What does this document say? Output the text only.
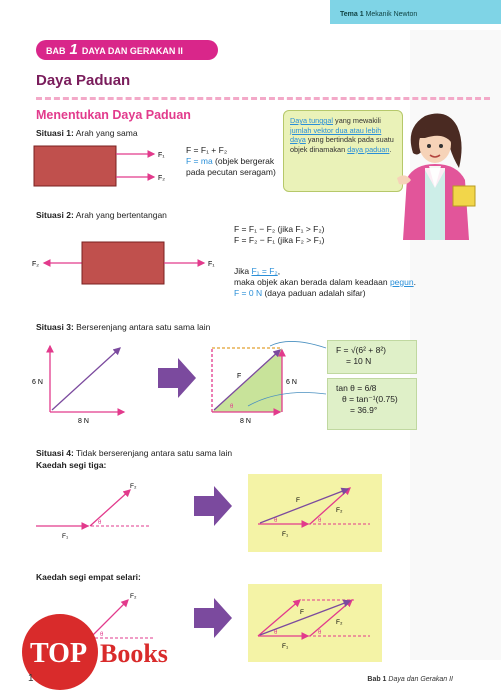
Tema 1 Mekanik Newton
BAB 1 DAYA DAN GERAKAN II
Daya Paduan
Menentukan Daya Paduan	Daya tunggal yang mewakili jumlah vektor dua atau lebih daya yang bertindak pada suatu objek dinamakan daya paduan.
Situasi 1: Arah yang sama
F₁
F₂
F = F₁ + F₂
F = ma (objek bergerak pada pecutan seragam)
Situasi 2: Arah yang bertentangan
F₂	F₁
F = F₁ − F₂ (jika F₁ > F₂)
F = F₂ − F₁ (jika F₂ > F₁)
Jika F₁ = F₂,
maka objek akan berada dalam keadaan pegun.
F = 0 N (daya paduan adalah sifar)
Situasi 3: Berserenjang antara satu sama lain
6 N
8 N
F
θ
6 N
8 N
F = √(6² + 8²)
= 10 N
tan θ = 6/8
θ = tan⁻¹(0.75)
= 36.9°
Situasi 4: Tidak berserenjang antara satu sama lain
Kaedah segi tiga:
F₁
F₂
θ
F
F₂
F₁
θ	θ
Kaedah segi empat selari:
F₂
θ
F
F₂
F₁
θ	θ
TOP Books
1	Bab 1 Daya dan Gerakan II
